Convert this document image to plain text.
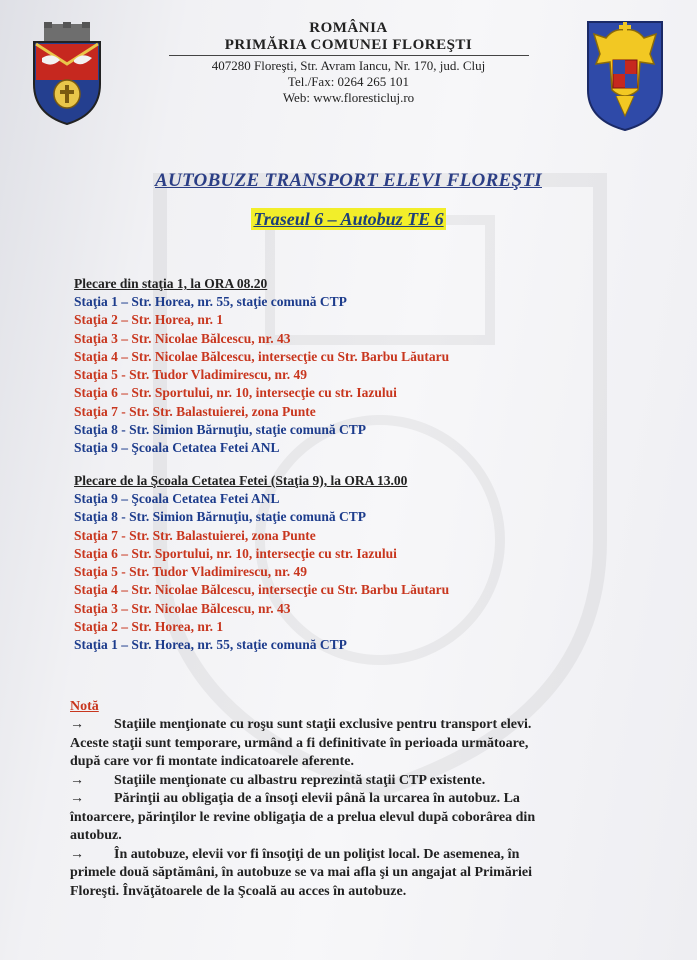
ROMÂNIA
PRIMĂRIA COMUNEI FLOREŞTI
407280 Floreşti, Str. Avram Iancu, Nr. 170, jud. Cluj
Tel./Fax: 0264 265 101
Web: www.floresticluj.ro
AUTOBUZE TRANSPORT ELEVI FLOREŞTI
Traseul 6 – Autobuz TE 6
Plecare din staţia 1, la ORA 08.20
Staţia 1 – Str. Horea, nr. 55, staţie comună CTP
Staţia 2 – Str. Horea, nr. 1
Staţia 3 – Str. Nicolae Bălcescu, nr. 43
Staţia 4 – Str. Nicolae Bălcescu, intersecţie cu Str. Barbu Lăutaru
Staţia 5 - Str. Tudor Vladimirescu, nr. 49
Staţia 6 – Str. Sportului, nr. 10, intersecţie cu str. Iazului
Staţia 7 - Str. Str. Balastuierei, zona Punte
Staţia 8 - Str. Simion Bărnuţiu, staţie comună CTP
Staţia 9 – Şcoala Cetatea Fetei ANL
Plecare de la Şcoala Cetatea Fetei (Staţia 9), la ORA 13.00
Staţia 9 – Şcoala Cetatea Fetei ANL
Staţia 8 - Str. Simion Bărnuţiu, staţie comună CTP
Staţia 7 - Str. Str. Balastuierei, zona Punte
Staţia 6 – Str. Sportului, nr. 10, intersecţie cu str. Iazului
Staţia 5 - Str. Tudor Vladimirescu, nr. 49
Staţia 4 – Str. Nicolae Bălcescu, intersecţie cu Str. Barbu Lăutaru
Staţia 3 – Str. Nicolae Bălcescu, nr. 43
Staţia 2 – Str. Horea, nr. 1
Staţia 1 – Str. Horea, nr. 55, staţie comună CTP
Notă
→ Staţiile menţionate cu roşu sunt staţii exclusive pentru transport elevi.
Aceste staţii sunt temporare, urmând a fi definitivate în perioada următoare,
după care vor fi montate indicatoarele aferente.
→ Staţiile menţionate cu albastru reprezintă staţii CTP existente.
→ Părinţii au obligaţia de a însoţi elevii până la urcarea în autobuz. La
întoarcere, părinţilor le revine obligaţia de a prelua elevul după coborârea din
autobuz.
→ În autobuze, elevii vor fi însoţiţi de un poliţist local. De asemenea, în
primele două săptămâni, în autobuze se va mai afla şi un angajat al Primăriei
Floreşti. Învăţătoarele de la Şcoală au acces în autobuze.
